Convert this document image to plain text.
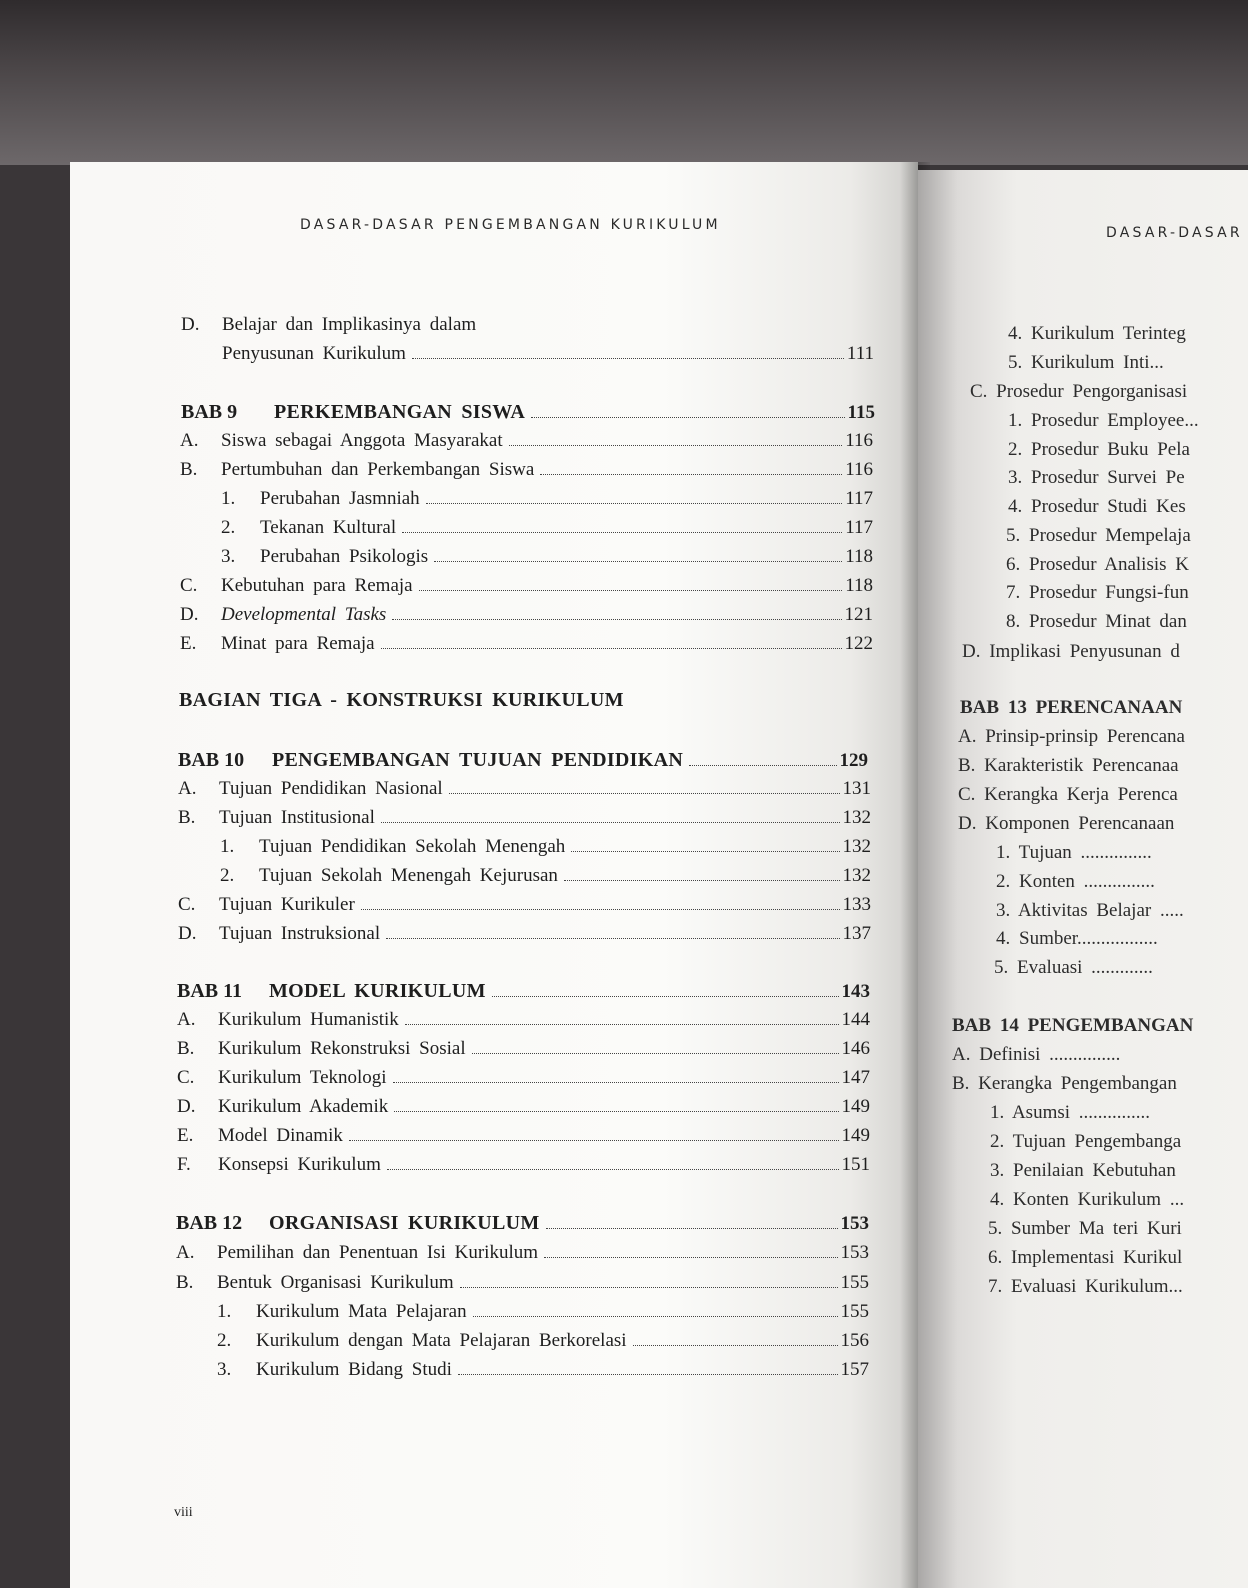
DASAR-DASAR PENGEMBANGAN KURIKULUM
D.	Belajar dan Implikasinya dalam
Penyusunan Kurikulum	111
BAB 9	PERKEMBANGAN SISWA	115
A.	Siswa sebagai Anggota Masyarakat	116
B.	Pertumbuhan dan Perkembangan Siswa	116
1.	Perubahan Jasmniah	117
2.	Tekanan Kultural	117
3.	Perubahan Psikologis	118
C.	Kebutuhan para Remaja	118
D.	Developmental Tasks	121
E.	Minat para Remaja	122
BAGIAN TIGA - KONSTRUKSI KURIKULUM
BAB 10	PENGEMBANGAN TUJUAN PENDIDIKAN	129
A.	Tujuan Pendidikan Nasional	131
B.	Tujuan Institusional	132
1.	Tujuan Pendidikan Sekolah Menengah	132
2.	Tujuan Sekolah Menengah Kejurusan	132
C.	Tujuan Kurikuler	133
D.	Tujuan Instruksional	137
BAB 11	MODEL KURIKULUM	143
A.	Kurikulum Humanistik	144
B.	Kurikulum Rekonstruksi Sosial	146
C.	Kurikulum Teknologi	147
D.	Kurikulum Akademik	149
E.	Model Dinamik	149
F.	Konsepsi Kurikulum	151
BAB 12	ORGANISASI KURIKULUM	153
A.	Pemilihan dan Penentuan Isi Kurikulum	153
B.	Bentuk Organisasi Kurikulum	155
1.	Kurikulum Mata Pelajaran	155
2.	Kurikulum dengan Mata Pelajaran Berkorelasi	156
3.	Kurikulum Bidang Studi	157
viii
DASAR-DASAR
4. Kurikulum Terinteg
5. Kurikulum Inti...
C. Prosedur Pengorganisasi
1. Prosedur Employee...
2. Prosedur Buku Pela
3. Prosedur Survei Pe
4. Prosedur Studi Kes
5. Prosedur Mempelaja
6. Prosedur Analisis K
7. Prosedur Fungsi-fun
8. Prosedur Minat dan
D. Implikasi Penyusunan d
BAB 13 PERENCANAAN
A. Prinsip-prinsip Perencana
B. Karakteristik Perencanaa
C. Kerangka Kerja Perenca
D. Komponen Perencanaan
1. Tujuan ...............
2. Konten ...............
3. Aktivitas Belajar .....
4. Sumber.................
5. Evaluasi .............
BAB 14 PENGEMBANGAN
A. Definisi ...............
B. Kerangka Pengembangan
1. Asumsi ...............
2. Tujuan Pengembanga
3. Penilaian Kebutuhan
4. Konten Kurikulum ...
5. Sumber Ma teri Kuri
6. Implementasi Kurikul
7. Evaluasi Kurikulum...
